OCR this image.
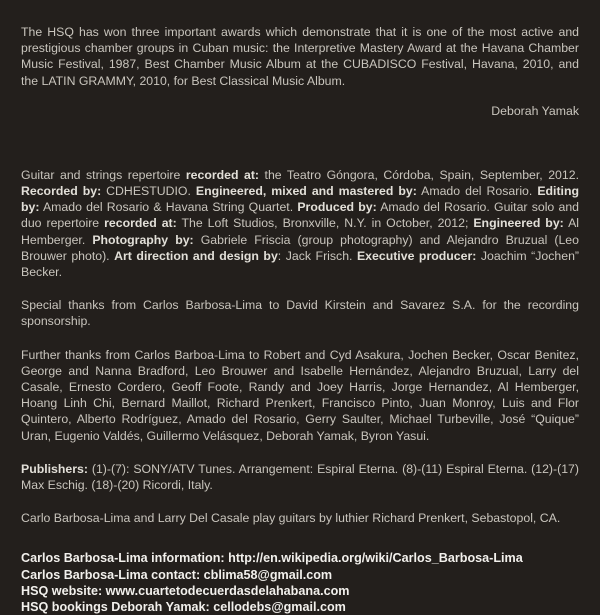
The HSQ has won three important awards which demonstrate that it is one of the most active and prestigious chamber groups in Cuban music: the Interpretive Mastery Award at the Havana Chamber Music Festival, 1987, Best Chamber Music Album at the CUBADISCO Festival, Havana, 2010, and the LATIN GRAMMY, 2010, for Best Classical Music Album.

Deborah Yamak

Guitar and strings repertoire recorded at: the Teatro Góngora, Córdoba, Spain, September, 2012. Recorded by: CDHESTUDIO. Engineered, mixed and mastered by: Amado del Rosario. Editing by: Amado del Rosario & Havana String Quartet. Produced by: Amado del Rosario. Guitar solo and duo repertoire recorded at: The Loft Studios, Bronxville, N.Y. in October, 2012; Engineered by: Al Hemberger. Photography by: Gabriele Friscia (group photography) and Alejandro Bruzual (Leo Brouwer photo). Art direction and design by: Jack Frisch. Executive producer: Joachim “Jochen” Becker.

Special thanks from Carlos Barbosa-Lima to David Kirstein and Savarez S.A. for the recording sponsorship.

Further thanks from Carlos Barboa-Lima to Robert and Cyd Asakura, Jochen Becker, Oscar Benitez, George and Nanna Bradford, Leo Brouwer and Isabelle Hernández, Alejandro Bruzual, Larry del Casale, Ernesto Cordero, Geoff Foote, Randy and Joey Harris, Jorge Hernandez, Al Hemberger, Hoang Linh Chi, Bernard Maillot, Richard Prenkert, Francisco Pinto, Juan Monroy, Luis and Flor Quintero, Alberto Rodríguez, Amado del Rosario, Gerry Saulter, Michael Turbeville, José “Quique” Uran, Eugenio Valdés, Guillermo Velásquez, Deborah Yamak, Byron Yasui.

Publishers: (1)-(7): SONY/ATV Tunes. Arrangement: Espiral Eterna. (8)-(11) Espiral Eterna. (12)-(17) Max Eschig. (18)-(20) Ricordi, Italy.

Carlo Barbosa-Lima and Larry Del Casale play guitars by luthier Richard Prenkert, Sebastopol, CA.

Carlos Barbosa-Lima information: http://en.wikipedia.org/wiki/Carlos_Barbosa-Lima
Carlos Barbosa-Lima contact: cblima58@gmail.com
HSQ website: www.cuartetodecuerdasdelahabana.com
HSQ bookings Deborah Yamak: cellodebs@gmail.com
